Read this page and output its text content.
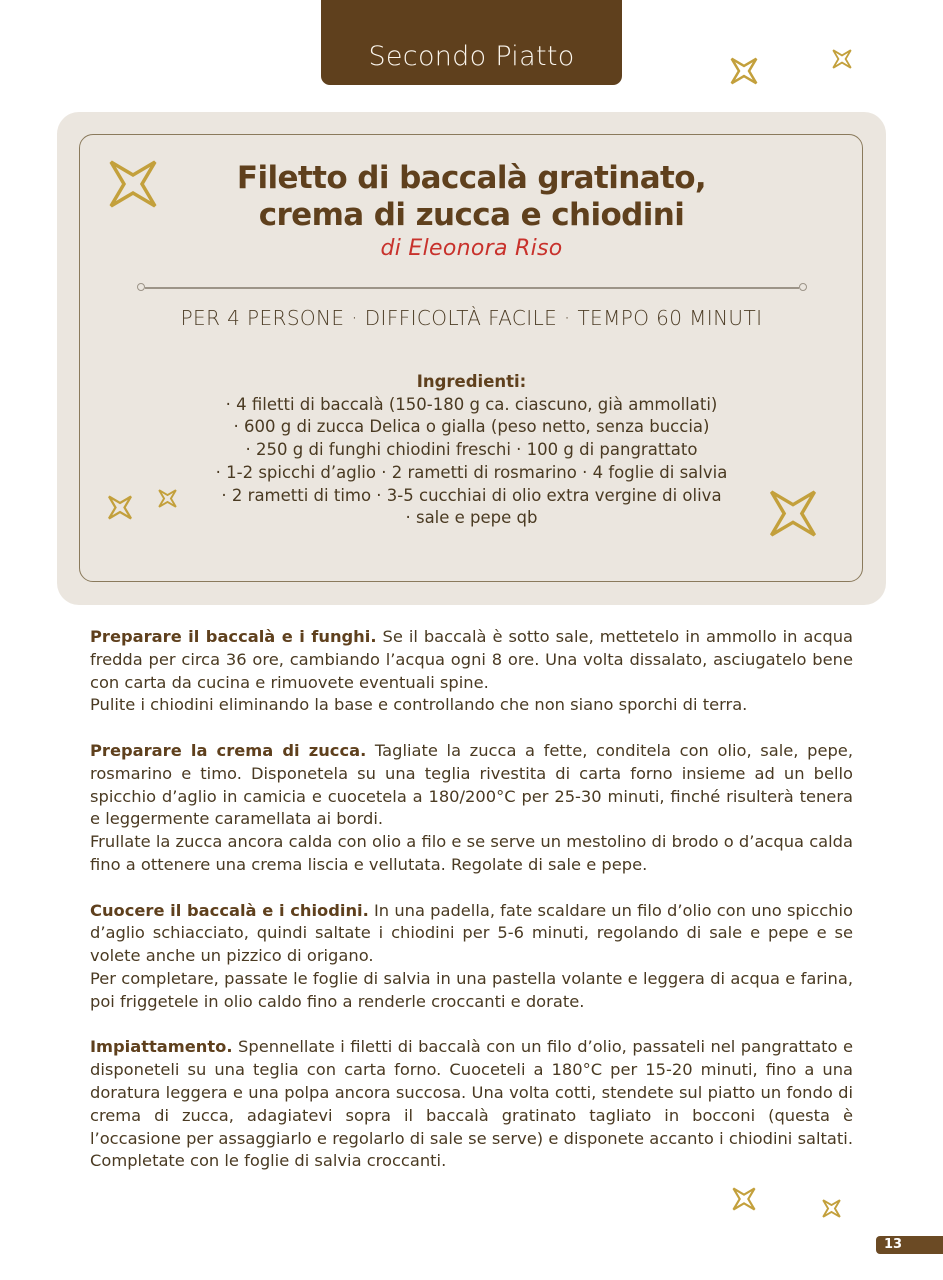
Secondo Piatto
Filetto di baccalà gratinato,
crema di zucca e chiodini
di Eleonora Riso
PER 4 PERSONE · DIFFICOLTÀ FACILE · TEMPO 60 MINUTI
Ingredienti:
· 4 filetti di baccalà (150-180 g ca. ciascuno, già ammollati)
· 600 g di zucca Delica o gialla (peso netto, senza buccia)
· 250 g di funghi chiodini freschi · 100 g di pangrattato
· 1-2 spicchi d’aglio · 2 rametti di rosmarino · 4 foglie di salvia
· 2 rametti di timo · 3-5 cucchiai di olio extra vergine di oliva
· sale e pepe qb

Preparare il baccalà e i funghi. Se il baccalà è sotto sale, mettetelo in ammollo in acqua fredda per circa 36 ore, cambiando l’acqua ogni 8 ore. Una volta dissalato, asciugatelo bene con carta da cucina e rimuovete eventuali spine.
Pulite i chiodini eliminando la base e controllando che non siano sporchi di terra.

Preparare la crema di zucca. Tagliate la zucca a fette, conditela con olio, sale, pepe, rosmarino e timo. Disponetela su una teglia rivestita di carta forno insieme ad un bello spicchio d’aglio in camicia e cuocetela a 180/200°C per 25-30 minuti, finché risulterà tenera e leggermente caramellata ai bordi.
Frullate la zucca ancora calda con olio a filo e se serve un mestolino di brodo o d’acqua calda fino a ottenere una crema liscia e vellutata. Regolate di sale e pepe.

Cuocere il baccalà e i chiodini. In una padella, fate scaldare un filo d’olio con uno spicchio d’aglio schiacciato, quindi saltate i chiodini per 5-6 minuti, regolando di sale e pepe e se volete anche un pizzico di origano.
Per completare, passate le foglie di salvia in una pastella volante e leggera di acqua e farina, poi friggetele in olio caldo fino a renderle croccanti e dorate.

Impiattamento. Spennellate i filetti di baccalà con un filo d’olio, passateli nel pangrattato e disponeteli su una teglia con carta forno. Cuoceteli a 180°C per 15-20 minuti, fino a una doratura leggera e una polpa ancora succosa. Una volta cotti, stendete sul piatto un fondo di crema di zucca, adagiatevi sopra il baccalà gratinato tagliato in bocconi (questa è l’occasione per assaggiarlo e regolarlo di sale se serve) e disponete accanto i chiodini saltati. Completate con le foglie di salvia croccanti.

13
